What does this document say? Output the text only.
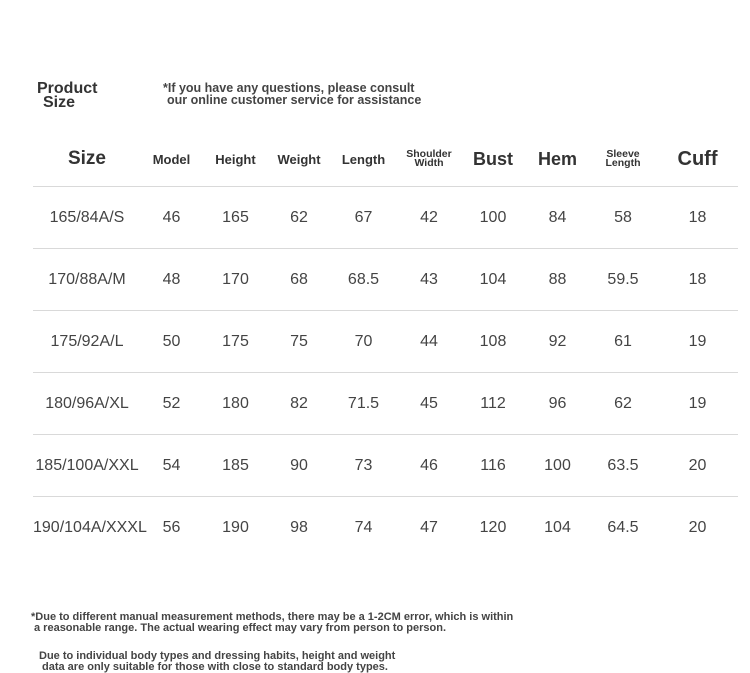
Product
Size
*If you have any questions, please consult
our online customer service for assistance
Size	Model	Height	Weight	Length	Shoulder Width	Bust	Hem	Sleeve Length	Cuff
165/84A/S	46	165	62	67	42	100	84	58	18
170/88A/M	48	170	68	68.5	43	104	88	59.5	18
175/92A/L	50	175	75	70	44	108	92	61	19
180/96A/XL	52	180	82	71.5	45	112	96	62	19
185/100A/XXL	54	185	90	73	46	116	100	63.5	20
190/104A/XXXL	56	190	98	74	47	120	104	64.5	20
*Due to different manual measurement methods, there may be a 1-2CM error, which is within
a reasonable range. The actual wearing effect may vary from person to person.
Due to individual body types and dressing habits, height and weight
data are only suitable for those with close to standard body types.
